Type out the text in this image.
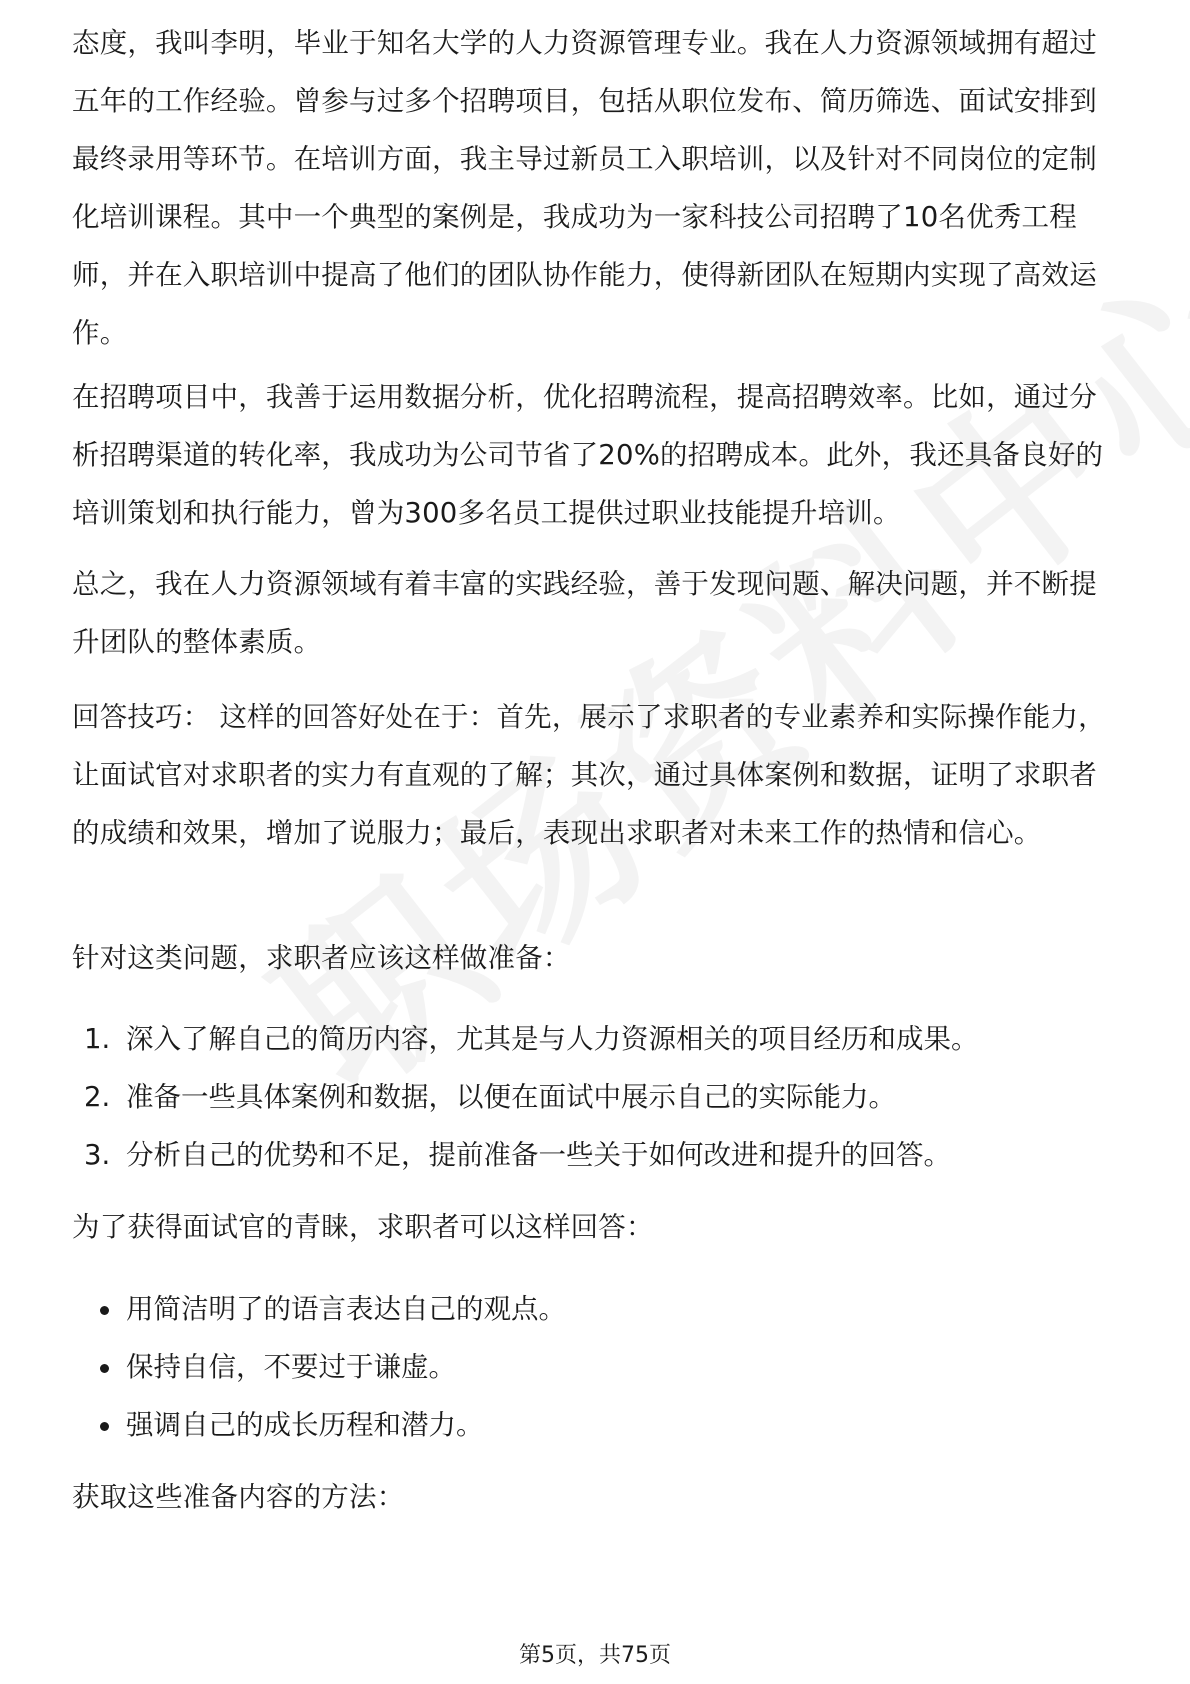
态度，我叫李明，毕业于知名大学的人力资源管理专业。我在人力资源领域拥有超过五年的工作经验。曾参与过多个招聘项目，包括从职位发布、简历筛选、面试安排到最终录用等环节。在培训方面，我主导过新员工入职培训，以及针对不同岗位的定制化培训课程。其中一个典型的案例是，我成功为一家科技公司招聘了10名优秀工程师，并在入职培训中提高了他们的团队协作能力，使得新团队在短期内实现了高效运作。

在招聘项目中，我善于运用数据分析，优化招聘流程，提高招聘效率。比如，通过分析招聘渠道的转化率，我成功为公司节省了20%的招聘成本。此外，我还具备良好的培训策划和执行能力，曾为300多名员工提供过职业技能提升培训。

总之，我在人力资源领域有着丰富的实践经验，善于发现问题、解决问题，并不断提升团队的整体素质。

回答技巧： 这样的回答好处在于：首先，展示了求职者的专业素养和实际操作能力，让面试官对求职者的实力有直观的了解；其次，通过具体案例和数据，证明了求职者的成绩和效果，增加了说服力；最后，表现出求职者对未来工作的热情和信心。

针对这类问题，求职者应该这样做准备：

1. 深入了解自己的简历内容，尤其是与人力资源相关的项目经历和成果。
2. 准备一些具体案例和数据，以便在面试中展示自己的实际能力。
3. 分析自己的优势和不足，提前准备一些关于如何改进和提升的回答。

为了获得面试官的青睐，求职者可以这样回答：

用简洁明了的语言表达自己的观点。
保持自信，不要过于谦虚。
强调自己的成长历程和潜力。

获取这些准备内容的方法：

第5页，共75页
